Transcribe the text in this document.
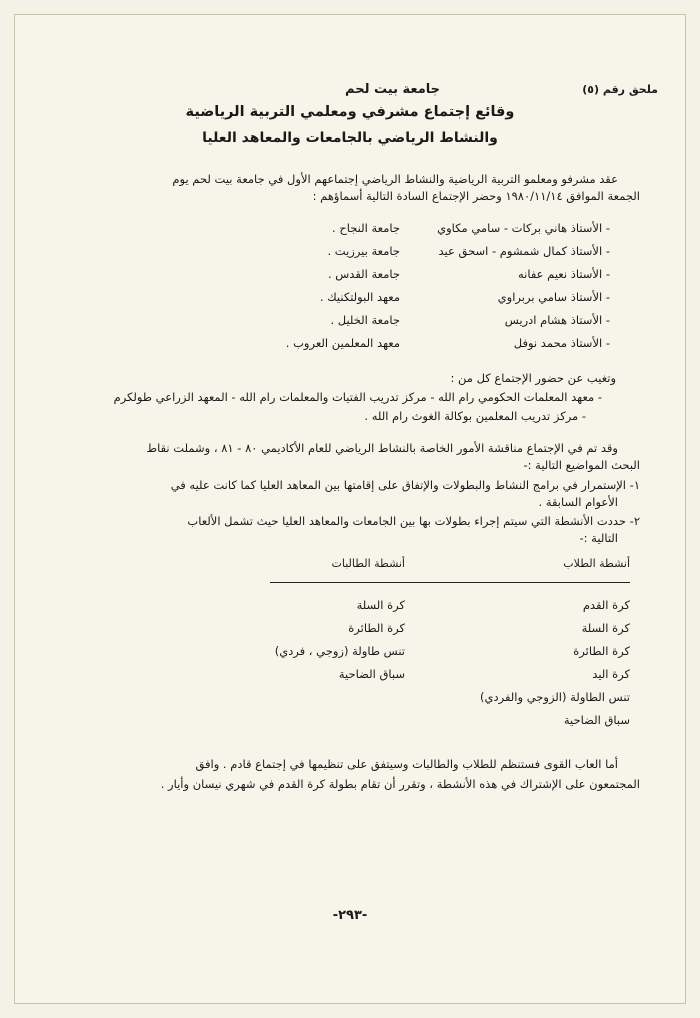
ملحق رقم (٥)
جامعة بيت لحم
وقائع إجتماع مشرفي ومعلمي التربية الرياضية
والنشاط الرياضي بالجامعات والمعاهد العليا
عقد مشرفو ومعلمو التربية الرياضية والنشاط الرياضي إجتماعهم الأول في جامعة بيت لحم يوم
الجمعة الموافق ١٩٨٠/١١/١٤ وحضر الإجتماع السادة التالية أسماؤهم :
- الأستاذ هاني بركات - سامي مكاوي
جامعة النجاح .
- الأستاذ كمال شمشوم - اسحق عيد
جامعة بيرزيت .
- الأستاذ نعيم عفانه
جامعة القدس .
- الأستاذ سامي بربراوي
معهد البولتكنيك .
- الأستاذ هشام ادريس
جامعة الخليل .
- الأستاذ محمد نوفل
معهد المعلمين العروب .
وتغيب عن حضور الإجتماع كل من :
- معهد المعلمات الحكومي رام الله - مركز تدريب الفتيات والمعلمات رام الله - المعهد الزراعي طولكرم
- مركز تدريب المعلمين بوكالة الغوث رام الله .
وقد تم في الإجتماع مناقشة الأمور الخاصة بالنشاط الرياضي للعام الأكاديمي ٨٠ - ٨١ ، وشملت نقاط
البحث المواضيع التالية :-
١- الإستمرار في برامج النشاط والبطولات والإتفاق على إقامتها بين المعاهد العليا كما كانت عليه في
الأعوام السابقة .
٢- حددت الأنشطة التي سيتم إجراء بطولات بها بين الجامعات والمعاهد العليا حيث تشمل الألعاب
التالية :-
أنشطة الطلاب
كرة القدم
كرة السلة
كرة الطائرة
كرة اليد
تنس الطاولة (الزوجي والفردي)
سباق الضاحية
أنشطة الطالبات
كرة السلة
كرة الطائرة
تنس طاولة (زوجي ، فردي)
سباق الضاحية
أما العاب القوى فستنظم للطلاب والطالبات وسيتفق على تنظيمها في إجتماع قادم . وافق
المجتمعون على الإشتراك في هذه الأنشطة ، وتقرر أن تقام بطولة كرة القدم في شهري نيسان وأيار .
-٢٩٣-
